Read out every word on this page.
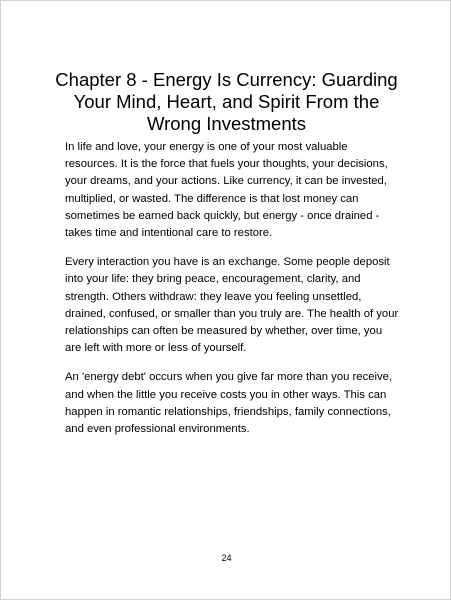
Chapter 8 - Energy Is Currency: Guarding
Your Mind, Heart, and Spirit From the
Wrong Investments

In life and love, your energy is one of your most valuable resources. It is the force that fuels your thoughts, your decisions, your dreams, and your actions. Like currency, it can be invested, multiplied, or wasted. The difference is that lost money can sometimes be earned back quickly, but energy - once drained - takes time and intentional care to restore.

Every interaction you have is an exchange. Some people deposit into your life: they bring peace, encouragement, clarity, and strength. Others withdraw: they leave you feeling unsettled, drained, confused, or smaller than you truly are. The health of your relationships can often be measured by whether, over time, you are left with more or less of yourself.

An 'energy debt' occurs when you give far more than you receive, and when the little you receive costs you in other ways. This can happen in romantic relationships, friendships, family connections, and even professional environments.

24
